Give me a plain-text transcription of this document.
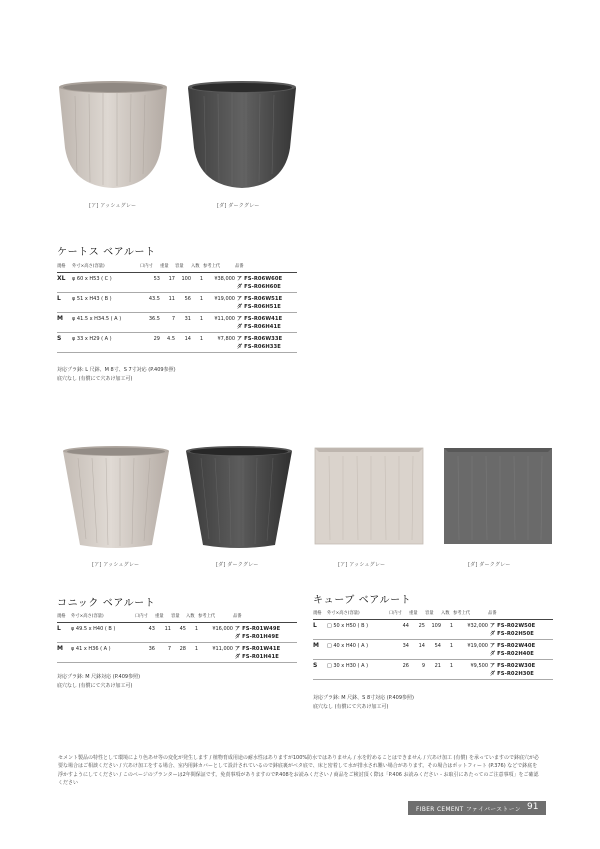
[ア] アッシュグレー	[ダ] ダークグレー
ケートス ベアルート
規格	外寸×高さ(容量)	口内寸	重量	容量	入数	参考上代	品番
XL	φ 60 x H53 ( C )	53	17	100	1	¥38,000	ア FS-R06W60E
ダ FS-R06H60E
L	φ 51 x H43 ( B )	43.5	11	56	1	¥19,000	ア FS-R06W51E
ダ FS-R06H51E
M	φ 41.5 x H34.5 ( A )	36.5	7	31	1	¥11,000	ア FS-R06W41E
ダ FS-R06H41E
S	φ 33 x H29 ( A )	29	4.5	14	1	¥7,800	ア FS-R06W33E
ダ FS-R06H33E
対応プラ鉢: L 尺鉢、M 8寸、S 7寸対応 (P.409参照)
底穴なし (有償にて穴あけ加工可)
[ア] アッシュグレー	[ダ] ダークグレー	[ア] アッシュグレー	[ダ] ダークグレー
コニック ベアルート
規格	外寸×高さ(容量)	口内寸	重量	容量	入数	参考上代	品番
L	φ 49.5 x H40 ( B )	43	11	45	1	¥16,000	ア FS-R01W49E
ダ FS-R01H49E
M	φ 41 x H36 ( A )	36	7	28	1	¥11,000	ア FS-R01W41E
ダ FS-R01H41E
対応プラ鉢: M 尺鉢対応 (P.409参照)
底穴なし (有償にて穴あけ加工可)
キューブ ベアルート
規格	外寸×高さ(容量)	口内寸	重量	容量	入数	参考上代	品番
L	□ 50 x H50 ( B )	44	25	109	1	¥32,000	ア FS-R02W50E
ダ FS-R02H50E
M	□ 40 x H40 ( A )	34	14	54	1	¥19,000	ア FS-R02W40E
ダ FS-R02H40E
S	□ 30 x H30 ( A )	26	9	21	1	¥9,500	ア FS-R02W30E
ダ FS-R02H30E
対応プラ鉢: M 尺鉢、S 8寸対応 (P.409参照)
底穴なし (有償にて穴あけ加工可)
セメント製品の特性として環境により色あせ等の変化が発生します / 植物育成用途の耐水性はありますが100%防水ではありません / 水を貯めることはできません / 穴あけ加工 (有償) を承っていますので鉢底穴が必要な場合はご相談ください / 穴あけ加工をする場合、室内用鉢カバーとして設計されているので鉢底裏がベタ底で、床と密着して水が排水され難い場合があります。その場合はポットフィート (P.376) などで鉢底を浮かすようにしてください / このページのプランターは2年間保証です。免責事項がありますのでP.408をお読みください / 商品をご検討頂く際は「P.406 お読みください - お取引にあたってのご注意事項」をご確認ください
FIBER CEMENT ファイバーストーン 91
